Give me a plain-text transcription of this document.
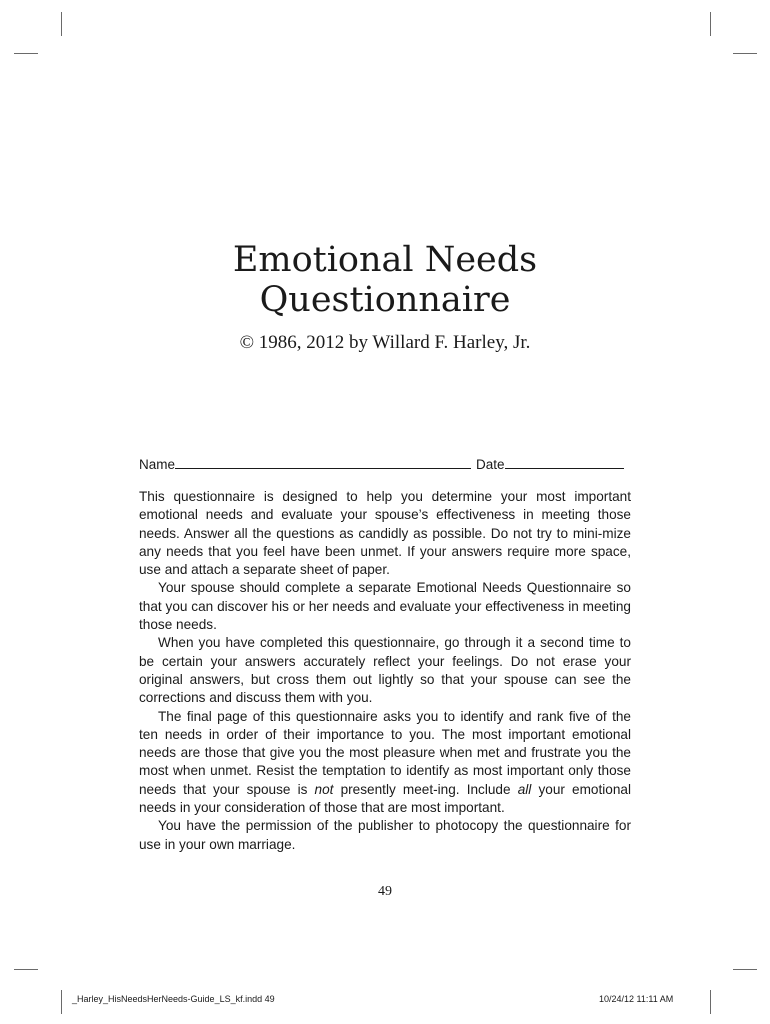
Emotional Needs
Questionnaire
© 1986, 2012 by Willard F. Harley, Jr.
Name	Date

This questionnaire is designed to help you determine your most important emotional needs and evaluate your spouse’s effectiveness in meeting those needs. Answer all the questions as candidly as possible. Do not try to mini-mize any needs that you feel have been unmet. If your answers require more space, use and attach a separate sheet of paper.

Your spouse should complete a separate Emotional Needs Questionnaire so that you can discover his or her needs and evaluate your effectiveness in meeting those needs.

When you have completed this questionnaire, go through it a second time to be certain your answers accurately reflect your feelings. Do not erase your original answers, but cross them out lightly so that your spouse can see the corrections and discuss them with you.

The final page of this questionnaire asks you to identify and rank five of the ten needs in order of their importance to you. The most important emotional needs are those that give you the most pleasure when met and frustrate you the most when unmet. Resist the temptation to identify as most important only those needs that your spouse is not presently meet-ing. Include all your emotional needs in your consideration of those that are most important.

You have the permission of the publisher to photocopy the questionnaire for use in your own marriage.

49
_Harley_HisNeedsHerNeeds-Guide_LS_kf.indd 49	10/24/12 11:11 AM
